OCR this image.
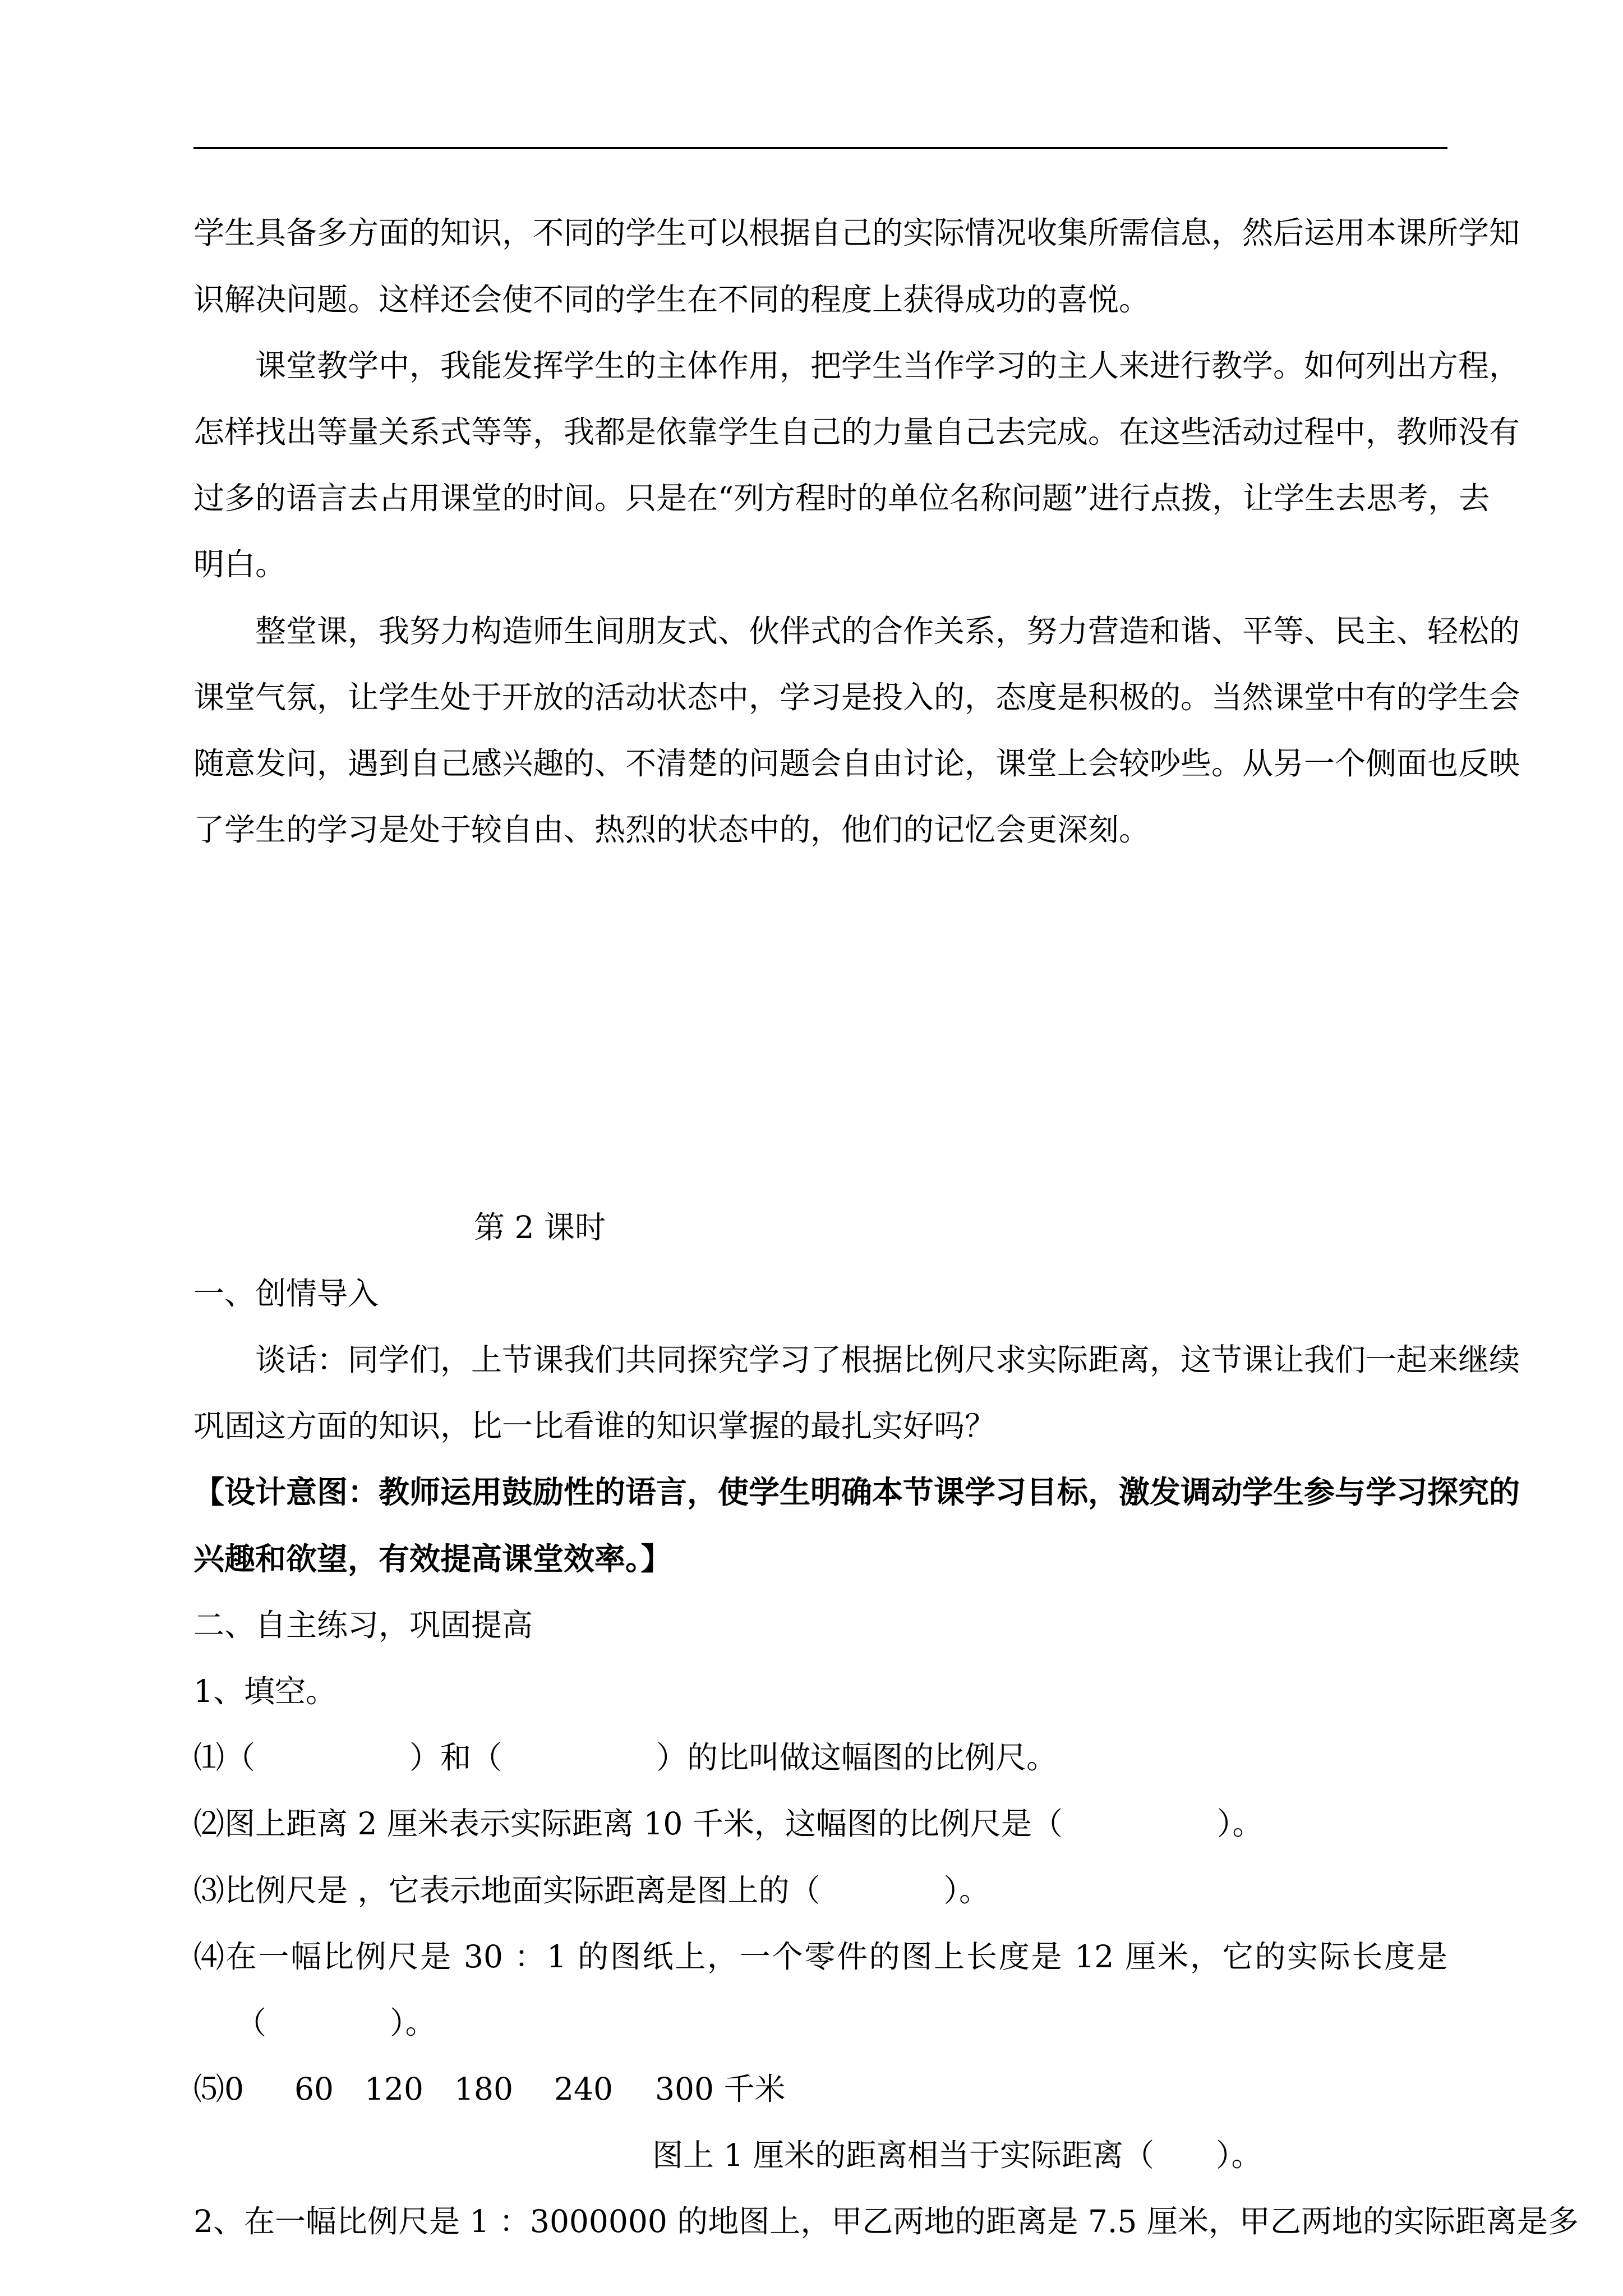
学生具备多方面的知识，不同的学生可以根据自己的实际情况收集所需信息，然后运用本课所学知
识解决问题。这样还会使不同的学生在不同的程度上获得成功的喜悦。
课堂教学中，我能发挥学生的主体作用，把学生当作学习的主人来进行教学。如何列出方程，
怎样找出等量关系式等等，我都是依靠学生自己的力量自己去完成。在这些活动过程中，教师没有
过多的语言去占用课堂的时间。只是在“列方程时的单位名称问题”进行点拨，让学生去思考，去
明白。
整堂课，我努力构造师生间朋友式、伙伴式的合作关系，努力营造和谐、平等、民主、轻松的
课堂气氛，让学生处于开放的活动状态中，学习是投入的，态度是积极的。当然课堂中有的学生会
随意发问，遇到自己感兴趣的、不清楚的问题会自由讨论，课堂上会较吵些。从另一个侧面也反映
了学生的学习是处于较自由、热烈的状态中的，他们的记忆会更深刻。
第 2 课时
一、创情导入
谈话：同学们，上节课我们共同探究学习了根据比例尺求实际距离，这节课让我们一起来继续
巩固这方面的知识，比一比看谁的知识掌握的最扎实好吗？
【设计意图：教师运用鼓励性的语言，使学生明确本节课学习目标，激发调动学生参与学习探究的
兴趣和欲望，有效提高课堂效率。】
二、自主练习，巩固提高
1、填空。
⑴（　　　　　）和（　　　　　）的比叫做这幅图的比例尺。
⑵图上距离 2 厘米表示实际距离 10 千米，这幅图的比例尺是（　　　　　）。
⑶比例尺是 ，它表示地面实际距离是图上的（　　　　）。
⑷在一幅比例尺是 30 ：1 的图纸上，一个零件的图上长度是 12 厘米，它的实际长度是
（　　　　）。
⑸0 60 120 180 240 300 千米
图上 1 厘米的距离相当于实际距离（　　）。
2、在一幅比例尺是 1 ：3000000 的地图上，甲乙两地的距离是 7.5 厘米，甲乙两地的实际距离是多
